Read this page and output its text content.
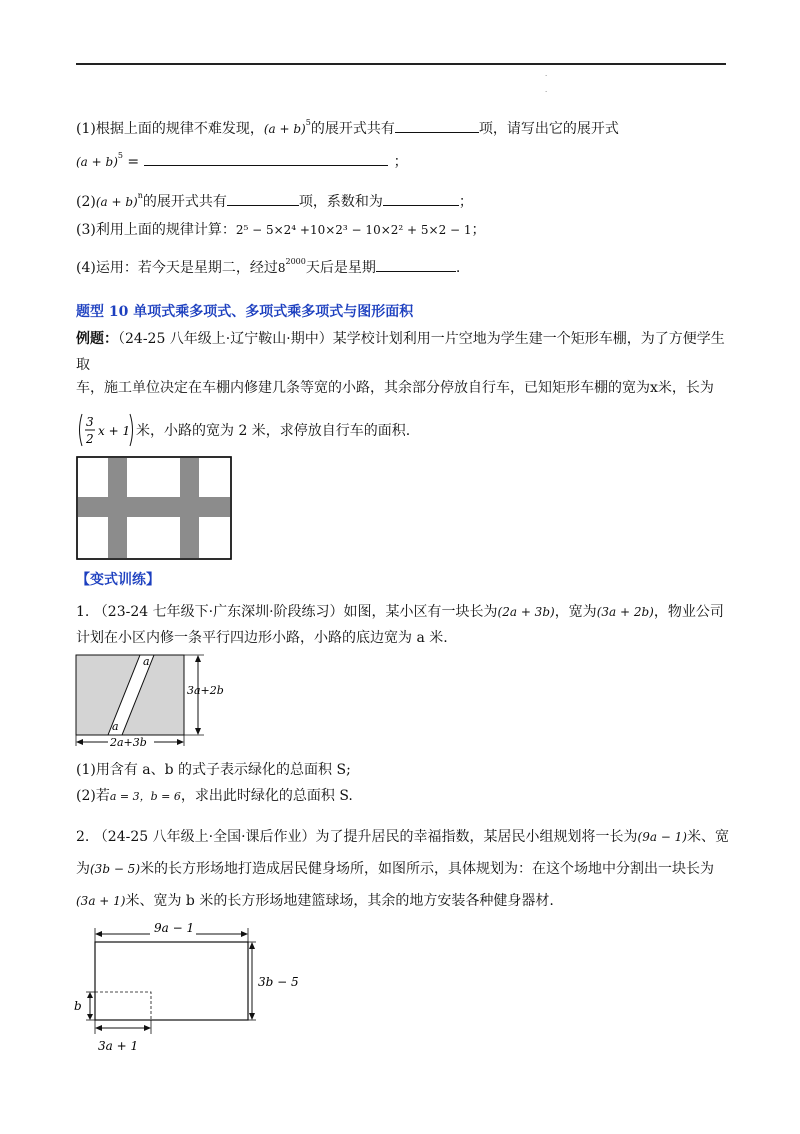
·
·
(1)根据上面的规律不难发现，$(a + b)^5$的展开式共有	项，请写出它的展开式
$(a + b)^5$ =	；
$(2)(a + b)^n$的展开式共有	项，系数和为	；
(3)利用上面的规律计算：2⁵ − 5×2⁴ +10×2³ − 10×2² + 5×2 − 1；
(4)运用：若今天是星期二，经过$8^{2000}$天后是星期	.
题型 10 单项式乘多项式、多项式乘多项式与图形面积
例题：（24-25 八年级上·辽宁鞍山·期中）某学校计划利用一片空地为学生建一个矩形车棚，为了方便学生
取
车，施工单位决定在车棚内修建几条等宽的小路，其余部分停放自行车，已知矩形车棚的宽为x米，长为
3
2
x + 1 米，小路的宽为 2 米，求停放自行车的面积.
【变式训练】
1. （23-24 七年级下·广东深圳·阶段练习）如图，某小区有一块长为(2a + 3b)，宽为(3a + 2b)，物业公司
计划在小区内修一条平行四边形小路，小路的底边宽为 a 米.
a
a
3a+2b
2a+3b
(1)用含有 a、b 的式子表示绿化的总面积 S;
(2)若a = 3，b = 6，求出此时绿化的总面积 S.
2. （24-25 八年级上·全国·课后作业）为了提升居民的幸福指数，某居民小组规划将一长为(9a − 1)米、宽
为(3b − 5)米的长方形场地打造成居民健身场所，如图所示，具体规划为：在这个场地中分割出一块长为
(3a + 1)米、宽为 b 米的长方形场地建篮球场，其余的地方安装各种健身器材.
9a − 1
3b − 5
b
3a + 1
